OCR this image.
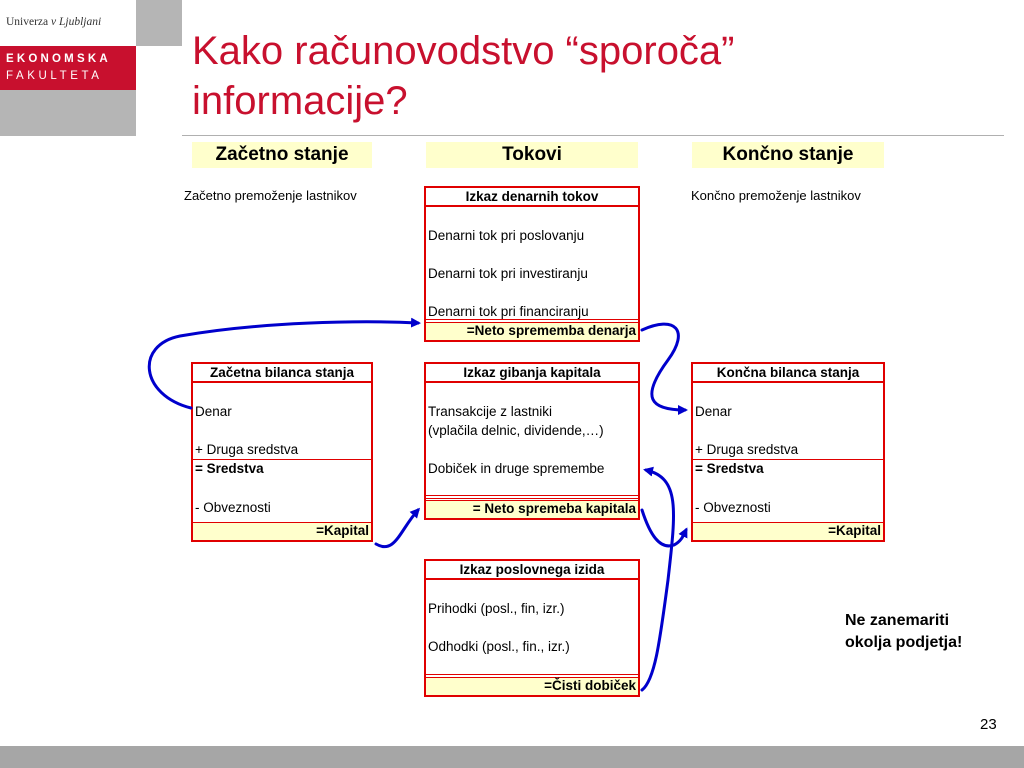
Univerza v Ljubljani
EKONOMSKA
FAKULTETA
Kako računovodstvo “sporoča”
informacije?
Začetno stanje	Tokovi	Končno stanje
Začetno premoženje lastnikov	Končno premoženje lastnikov
Izkaz denarnih tokov
Denarni tok pri poslovanju
Denarni tok pri investiranju
Denarni tok pri financiranju
=Neto sprememba denarja
Začetna bilanca stanja
Denar
+ Druga sredstva
= Sredstva
- Obveznosti
=Kapital
Izkaz gibanja kapitala
Transakcije z lastniki
(vplačila delnic, dividende,…)
Dobiček in druge spremembe
= Neto spremeba kapitala
Končna bilanca stanja
Denar
+ Druga sredstva
= Sredstva
- Obveznosti
=Kapital
Izkaz poslovnega izida
Prihodki (posl., fin, izr.)
Odhodki (posl., fin., izr.)
=Čisti dobiček
Ne zanemariti
okolja podjetja!
23
